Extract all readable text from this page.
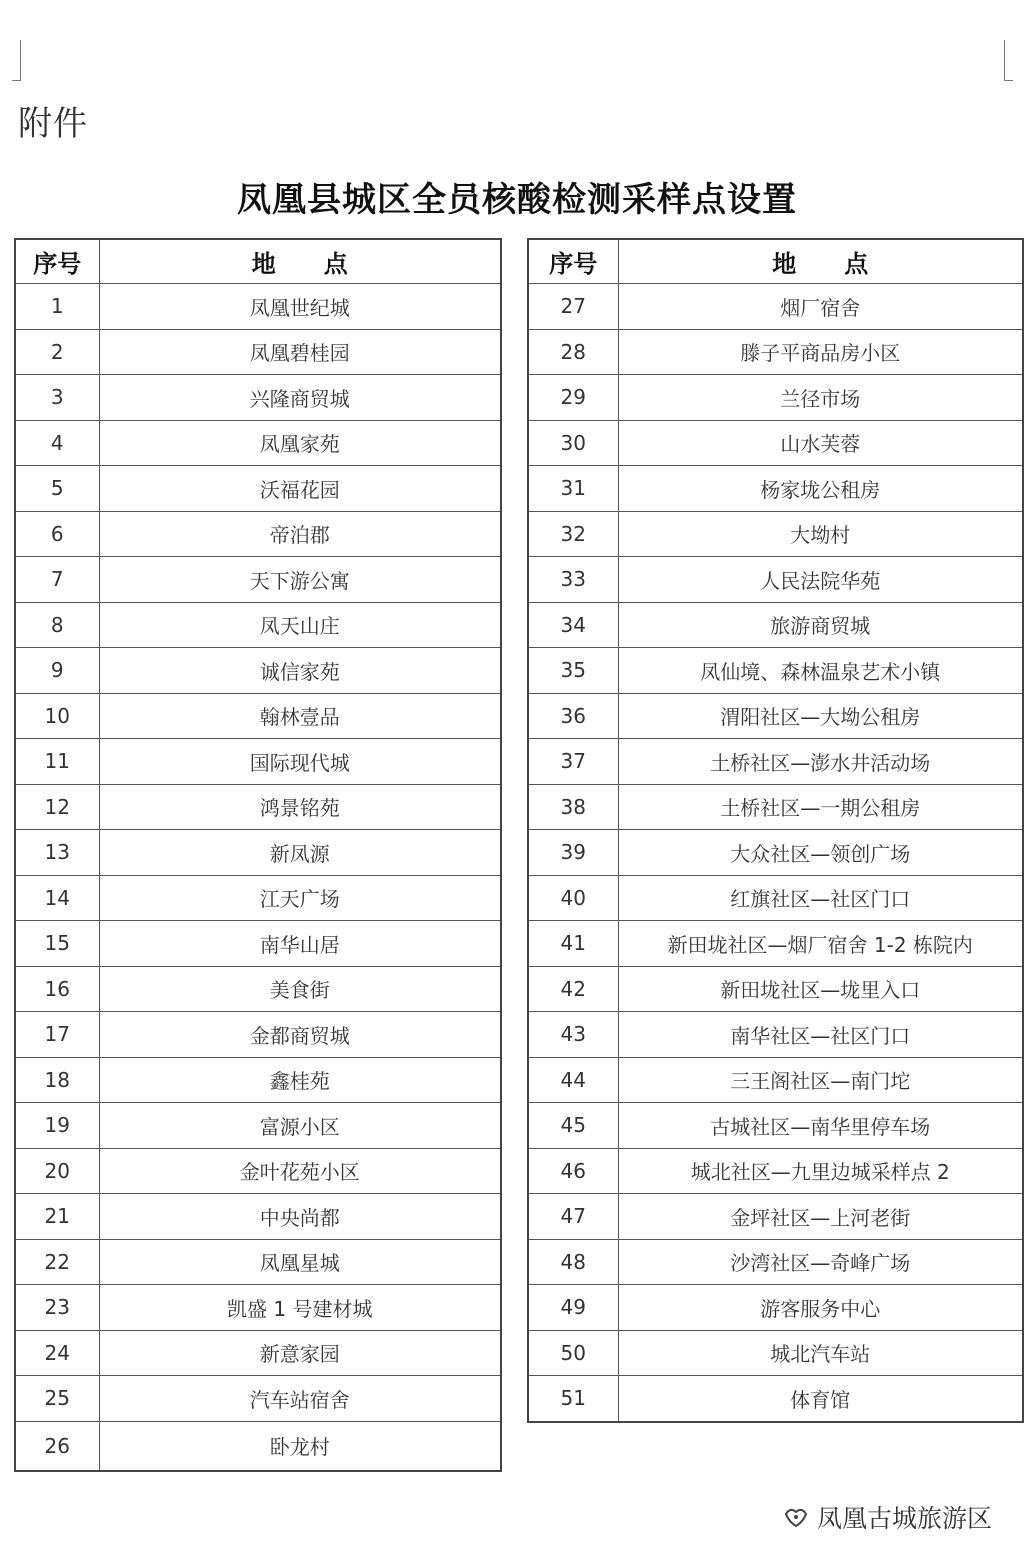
附件
凤凰县城区全员核酸检测采样点设置
序号	地　　点
1	凤凰世纪城
2	凤凰碧桂园
3	兴隆商贸城
4	凤凰家苑
5	沃福花园
6	帝泊郡
7	天下游公寓
8	凤天山庄
9	诚信家苑
10	翰林壹品
11	国际现代城
12	鸿景铭苑
13	新凤源
14	江天广场
15	南华山居
16	美食街
17	金都商贸城
18	鑫桂苑
19	富源小区
20	金叶花苑小区
21	中央尚都
22	凤凰星城
23	凯盛 1 号建材城
24	新意家园
25	汽车站宿舍
26	卧龙村
序号	地　　点
27	烟厂宿舍
28	滕子平商品房小区
29	兰径市场
30	山水芙蓉
31	杨家垅公租房
32	大坳村
33	人民法院华苑
34	旅游商贸城
35	凤仙境、森林温泉艺术小镇
36	渭阳社区—大坳公租房
37	土桥社区—澎水井活动场
38	土桥社区—一期公租房
39	大众社区—领创广场
40	红旗社区—社区门口
41	新田垅社区—烟厂宿舍 1-2 栋院内
42	新田垅社区—垅里入口
43	南华社区—社区门口
44	三王阁社区—南门坨
45	古城社区—南华里停车场
46	城北社区—九里边城采样点 2
47	金坪社区—上河老街
48	沙湾社区—奇峰广场
49	游客服务中心
50	城北汽车站
51	体育馆
凤凰古城旅游区
